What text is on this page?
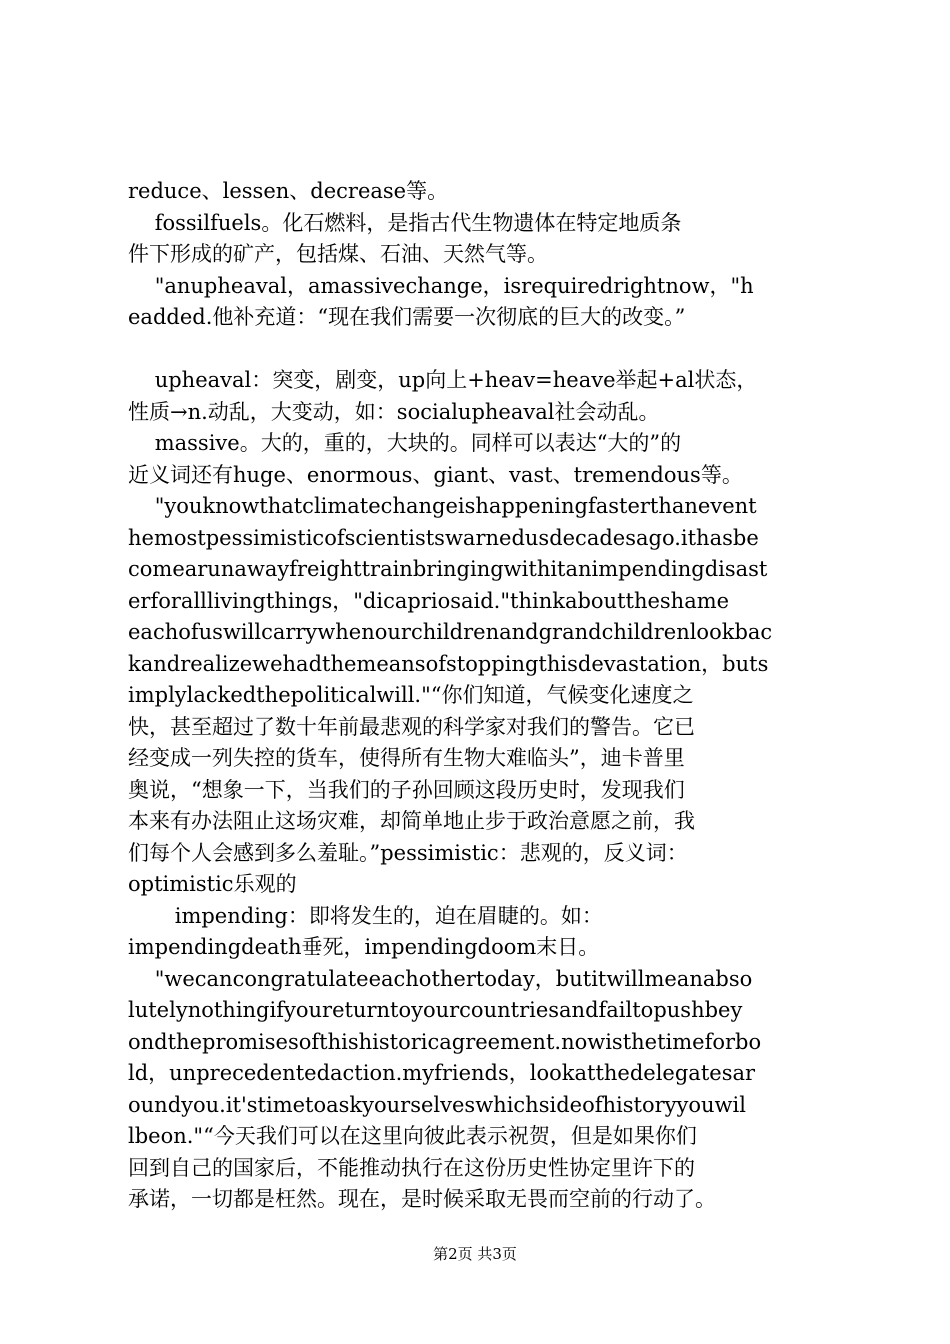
reduce、lessen、decrease等。
fossilfuels。化石燃料，是指古代生物遗体在特定地质条
件下形成的矿产，包括煤、石油、天然气等。
"anupheaval，amassivechange，isrequiredrightnow，"h
eadded.他补充道：“现在我们需要一次彻底的巨大的改变。”
upheaval：突变，剧变，up向上+heav=heave举起+al状态，
性质→n.动乱，大变动，如：socialupheaval社会动乱。
massive。大的，重的，大块的。同样可以表达“大的”的
近义词还有huge、enormous、giant、vast、tremendous等。
"youknowthatclimatechangeishappeningfasterthanevent
hemostpessimisticofscientistswarnedusdecadesago.ithasbe
comearunawayfreighttrainbringingwithitanimpendingdisast
erforalllivingthings，"dicapriosaid."thinkabouttheshame
eachofuswillcarrywhenourchildrenandgrandchildrenlookbac
kandrealizewehadthemeansofstoppingthisdevastation，buts
implylackedthepoliticalwill."“你们知道，气候变化速度之
快，甚至超过了数十年前最悲观的科学家对我们的警告。它已
经变成一列失控的货车，使得所有生物大难临头”，迪卡普里
奥说，“想象一下，当我们的子孙回顾这段历史时，发现我们
本来有办法阻止这场灾难，却简单地止步于政治意愿之前，我
们每个人会感到多么羞耻。”pessimistic：悲观的，反义词：
optimistic乐观的
impending：即将发生的，迫在眉睫的。如：
impendingdeath垂死，impendingdoom末日。
"wecancongratulateeachothertoday，butitwillmeanabso
lutelynothingifyoureturntoyourcountriesandfailtopushbey
ondthepromisesofthishistoricagreement.nowisthetimeforbo
ld，unprecedentedaction.myfriends，lookatthedelegatesar
oundyou.it'stimetoaskyourselveswhichsideofhistoryyouwil
lbeon."“今天我们可以在这里向彼此表示祝贺，但是如果你们
回到自己的国家后，不能推动执行在这份历史性协定里许下的
承诺，一切都是枉然。现在，是时候采取无畏而空前的行动了。
第2页 共3页
